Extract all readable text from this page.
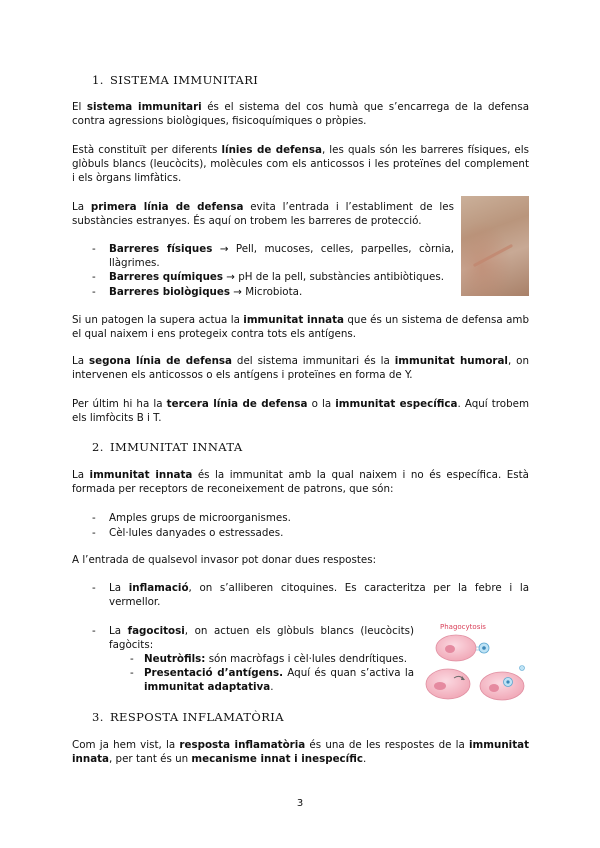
1. SISTEMA IMMUNITARI
El sistema immunitari és el sistema del cos humà que s’encarrega de la defensa contra agressions biològiques, fisicoquímiques o pròpies.
Està constituït per diferents línies de defensa, les quals són les barreres físiques, els glòbuls blancs (leucòcits), molècules com els anticossos i les proteïnes del complement i els òrgans limfàtics.
La primera línia de defensa evita l’entrada i l’establiment de les substàncies estranyes. És aquí on trobem les barreres de protecció.
- Barreres físiques → Pell, mucoses, celles, parpelles, còrnia, llàgrimes.
- Barreres químiques → pH de la pell, substàncies antibiòtiques.
- Barreres biològiques → Microbiota.
Si un patogen la supera actua la immunitat innata que és un sistema de defensa amb el qual naixem i ens protegeix contra tots els antígens.
La segona línia de defensa del sistema immunitari és la immunitat humoral, on intervenen els anticossos o els antígens i proteïnes en forma de Y.
Per últim hi ha la tercera línia de defensa o la immunitat específica. Aquí trobem els limfòcits B i T.
2. IMMUNITAT INNATA
La immunitat innata és la immunitat amb la qual naixem i no és específica. Està formada per receptors de reconeixement de patrons, que són:
- Amples grups de microorganismes.
- Cèl·lules danyades o estressades.
A l’entrada de qualsevol invasor pot donar dues respostes:
- La inflamació, on s’alliberen citoquines. Es caracteritza per la febre i la vermellor.
- La fagocitosi, on actuen els glòbuls blancs (leucòcits) fagòcits:
- Neutròfils: són macròfags i cèl·lules dendrítiques.
- Presentació d’antígens. Aquí és quan s’activa la immunitat adaptativa.
Phagocytosis
3. RESPOSTA INFLAMATÒRIA
Com ja hem vist, la resposta inflamatòria és una de les respostes de la immunitat innata, per tant és un mecanisme innat i inespecífic.
3
